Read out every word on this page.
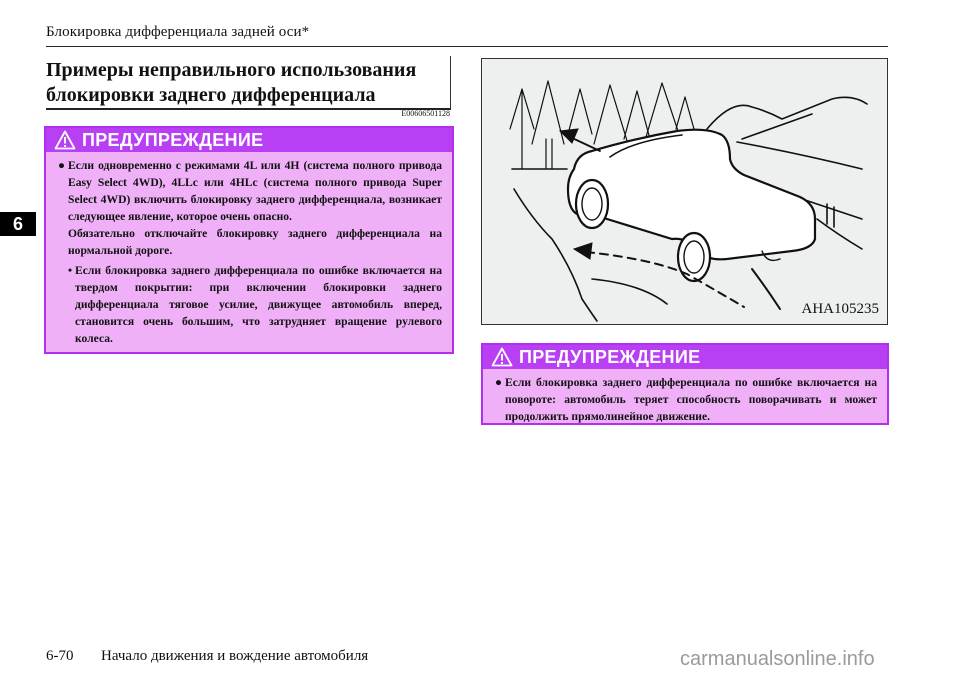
Блокировка дифференциала задней оси*
Примеры неправильного использования
блокировки заднего дифференциала
E00606501128
6
ПРЕДУПРЕЖДЕНИЕ
● Если одновременно с режимами 4L или 4H (система полного привода Easy Select 4WD), 4LLc или 4HLc (система полного привода Super Select 4WD) включить блокировку заднего дифференциала, возникает следующее явление, которое очень опасно.
Обязательно отключайте блокировку заднего дифференциала на нормальной дороге.
• Если блокировка заднего дифференциала по ошибке включается на твердом покрытии: при включении блокировки заднего дифференциала тяговое усилие, движущее автомобиль вперед, становится очень большим, что затрудняет вращение рулевого колеса.
AHA105235
ПРЕДУПРЕЖДЕНИЕ
● Если блокировка заднего дифференциала по ошибке включается на повороте: автомобиль теряет способность поворачивать и может продолжить прямолинейное движение.
6-70 Начало движения и вождение автомобиля	carmanualsonline.info
